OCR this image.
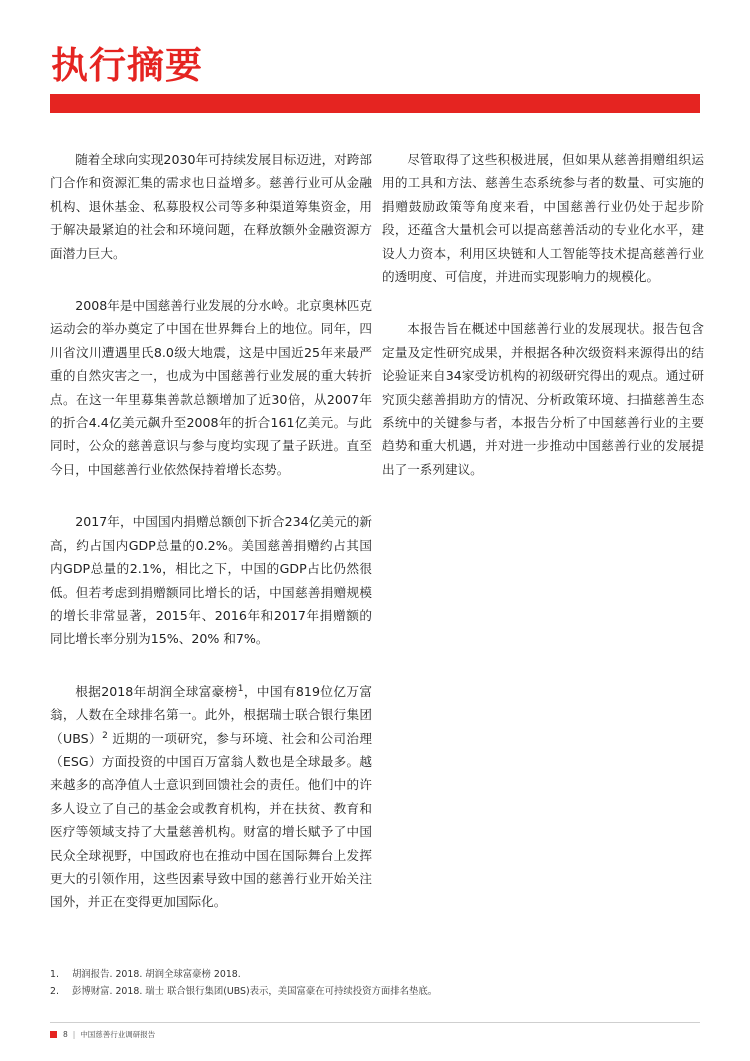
执行摘要

随着全球向实现2030年可持续发展目标迈进，对跨部门合作和资源汇集的需求也日益增多。慈善行业可从金融机构、退休基金、私募股权公司等多种渠道筹集资金，用于解决最紧迫的社会和环境问题，在释放额外金融资源方面潜力巨大。

2008年是中国慈善行业发展的分水岭。北京奥林匹克运动会的举办奠定了中国在世界舞台上的地位。同年，四川省汶川遭遇里氏8.0级大地震，这是中国近25年来最严重的自然灾害之一，也成为中国慈善行业发展的重大转折点。在这一年里募集善款总额增加了近30倍，从2007年的折合4.4亿美元飙升至2008年的折合161亿美元。与此同时，公众的慈善意识与参与度均实现了量子跃进。直至今日，中国慈善行业依然保持着增长态势。

2017年，中国国内捐赠总额创下折合234亿美元的新高，约占国内GDP总量的0.2%。美国慈善捐赠约占其国内GDP总量的2.1%，相比之下，中国的GDP占比仍然很低。但若考虑到捐赠额同比增长的话，中国慈善捐赠规模的增长非常显著，2015年、2016年和2017年捐赠额的同比增长率分别为15%、20% 和7%。

根据2018年胡润全球富豪榜$^1$，中国有819位亿万富翁，人数在全球排名第一。此外，根据瑞士联合银行集团（UBS）$^2$ 近期的一项研究，参与环境、社会和公司治理（ESG）方面投资的中国百万富翁人数也是全球最多。越来越多的高净值人士意识到回馈社会的责任。他们中的许多人设立了自己的基金会或教育机构，并在扶贫、教育和医疗等领域支持了大量慈善机构。财富的增长赋予了中国民众全球视野，中国政府也在推动中国在国际舞台上发挥更大的引领作用，这些因素导致中国的慈善行业开始关注国外，并正在变得更加国际化。

尽管取得了这些积极进展，但如果从慈善捐赠组织运用的工具和方法、慈善生态系统参与者的数量、可实施的捐赠鼓励政策等角度来看，中国慈善行业仍处于起步阶段，还蕴含大量机会可以提高慈善活动的专业化水平，建设人力资本，利用区块链和人工智能等技术提高慈善行业的透明度、可信度，并进而实现影响力的规模化。

本报告旨在概述中国慈善行业的发展现状。报告包含定量及定性研究成果，并根据各种次级资料来源得出的结论验证来自34家受访机构的初级研究得出的观点。通过研究顶尖慈善捐助方的情况、分析政策环境、扫描慈善生态系统中的关键参与者，本报告分析了中国慈善行业的主要趋势和重大机遇，并对进一步推动中国慈善行业的发展提出了一系列建议。

1.	胡润报告. 2018. 胡润全球富豪榜 2018.
2.	彭博财富. 2018. 瑞士 联合银行集团(UBS)表示，美国富豪在可持续投资方面排名垫底。
8 | 中国慈善行业调研报告
